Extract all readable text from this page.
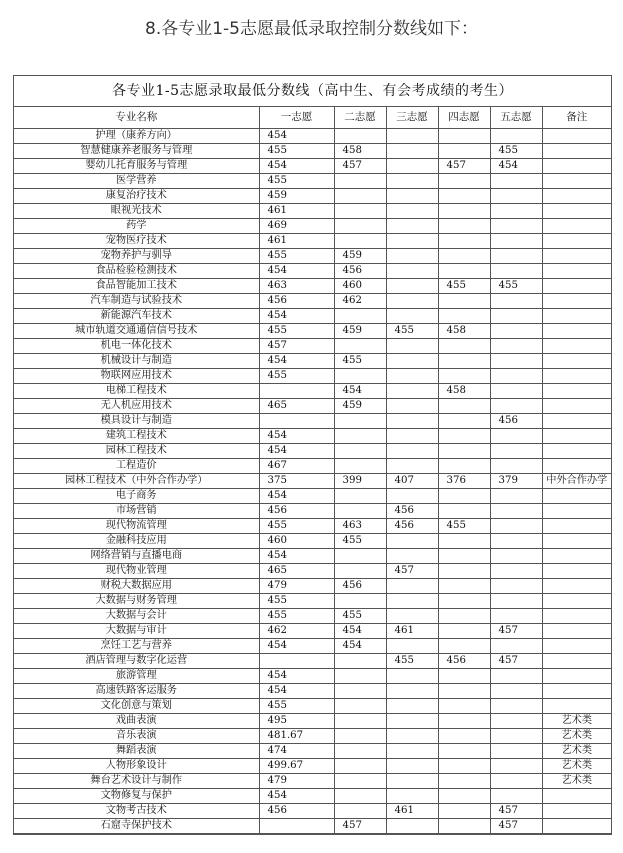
8.各专业1-5志愿最低录取控制分数线如下：
各专业1-5志愿录取最低分数线（高中生、有会考成绩的考生）
专业名称	一志愿	二志愿	三志愿	四志愿	五志愿	备注
护理（康养方向）	454					
智慧健康养老服务与管理	455	458			455	
婴幼儿托育服务与管理	454	457		457	454	
医学营养	455					
康复治疗技术	459					
眼视光技术	461					
药学	469					
宠物医疗技术	461					
宠物养护与驯导	455	459				
食品检验检测技术	454	456				
食品智能加工技术	463	460		455	455	
汽车制造与试验技术	456	462				
新能源汽车技术	454					
城市轨道交通通信信号技术	455	459	455	458		
机电一体化技术	457					
机械设计与制造	454	455				
物联网应用技术	455					
电梯工程技术		454		458		
无人机应用技术	465	459				
模具设计与制造					456	
建筑工程技术	454					
园林工程技术	454					
工程造价	467					
园林工程技术（中外合作办学）	375	399	407	376	379	中外合作办学
电子商务	454					
市场营销	456		456			
现代物流管理	455	463	456	455		
金融科技应用	460	455				
网络营销与直播电商	454					
现代物业管理	465		457			
财税大数据应用	479	456				
大数据与财务管理	455					
大数据与会计	455	455				
大数据与审计	462	454	461		457	
烹饪工艺与营养	454	454				
酒店管理与数字化运营			455	456	457	
旅游管理	454					
高速铁路客运服务	454					
文化创意与策划	455					
戏曲表演	495					艺术类
音乐表演	481.67					艺术类
舞蹈表演	474					艺术类
人物形象设计	499.67					艺术类
舞台艺术设计与制作	479					艺术类
文物修复与保护	454					
文物考古技术	456		461		457	
石窟寺保护技术		457			457	
